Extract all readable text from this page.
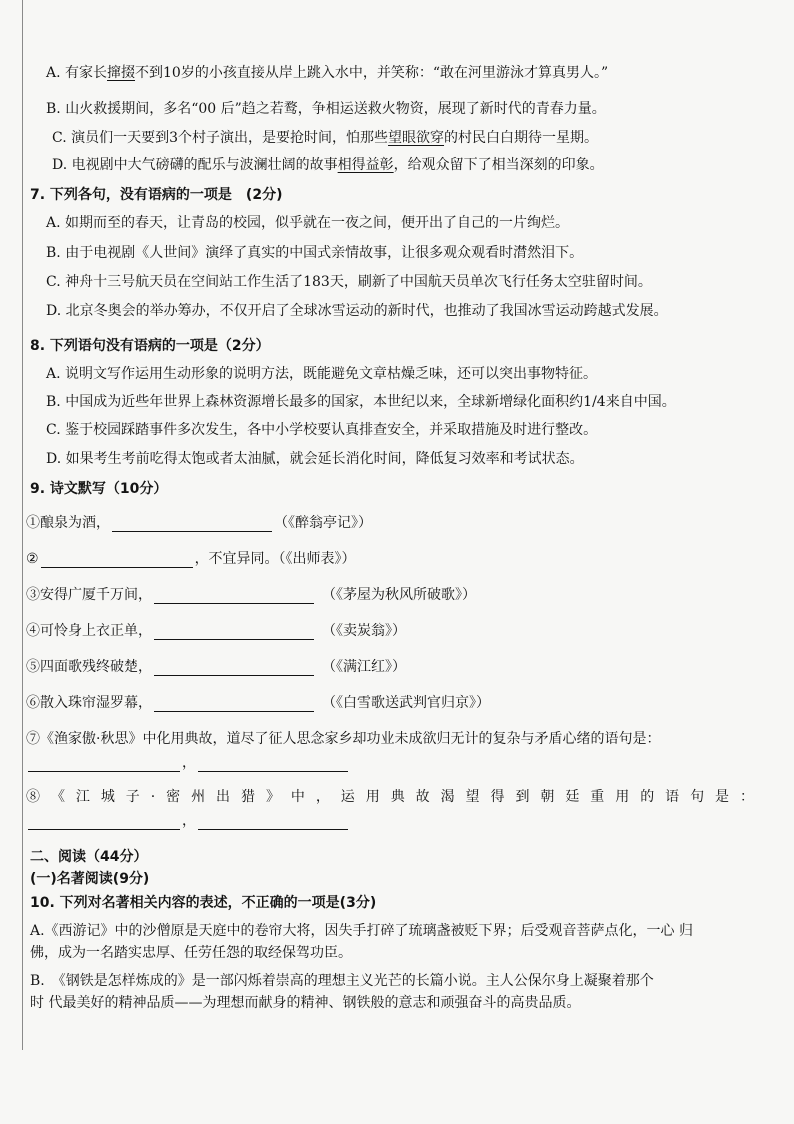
A. 有家长撺掇不到10岁的小孩直接从岸上跳入水中，并笑称：“敢在河里游泳才算真男人。”
B. 山火救援期间，多名“00 后”趋之若鹜，争相运送救火物资，展现了新时代的青春力量。
C. 演员们一天要到3个村子演出，是要抢时间，怕那些望眼欲穿的村民白白期待一星期。
D. 电视剧中大气磅礴的配乐与波澜壮阔的故事相得益彰，给观众留下了相当深刻的印象。
7. 下列各句，没有语病的一项是　(2分)
A. 如期而至的春天，让青岛的校园，似乎就在一夜之间，便开出了自己的一片绚烂。
B. 由于电视剧《人世间》演绎了真实的中国式亲情故事，让很多观众观看时潸然泪下。
C. 神舟十三号航天员在空间站工作生活了183天，刷新了中国航天员单次飞行任务太空驻留时间。
D. 北京冬奥会的举办筹办，不仅开启了全球冰雪运动的新时代，也推动了我国冰雪运动跨越式发展。
8. 下列语句没有语病的一项是（2分）
A. 说明文写作运用生动形象的说明方法，既能避免文章枯燥乏味，还可以突出事物特征。
B. 中国成为近些年世界上森林资源增长最多的国家，本世纪以来，全球新增绿化面积约1/4来自中国。
C. 鉴于校园踩踏事件多次发生，各中小学校要认真排查安全，并采取措施及时进行整改。
D. 如果考生考前吃得太饱或者太油腻，就会延长消化时间，降低复习效率和考试状态。
9. 诗文默写（10分）
①酿泉为酒，	（《醉翁亭记》）
②	，不宜异同。（《出师表》）
③安得广厦千万间，	（《茅屋为秋风所破歌》）
④可怜身上衣正单，	（《卖炭翁》）
⑤四面歌残终破楚，	（《满江红》）
⑥散入珠帘湿罗幕，	（《白雪歌送武判官归京》）
⑦《渔家傲·秋思》中化用典故，道尽了征人思念家乡却功业未成欲归无计的复杂与矛盾心绪的语句是：
，
⑧《江城子·密州出猎》中，运用典故渴望得到朝廷重用的语句是：
，
二、阅读（44分）
(一)名著阅读(9分)
10. 下列对名著相关内容的表述，不正确的一项是(3分)
A.《西游记》中的沙僧原是天庭中的卷帘大将，因失手打碎了琉璃盏被贬下界；后受观音菩萨点化，一心 归
佛，成为一名踏实忠厚、任劳任怨的取经保驾功臣。
B.　《钢铁是怎样炼成的》是一部闪烁着崇高的理想主义光芒的长篇小说。主人公保尔身上凝聚着那个
时 代最美好的精神品质——为理想而献身的精神、钢铁般的意志和顽强奋斗的高贵品质。
